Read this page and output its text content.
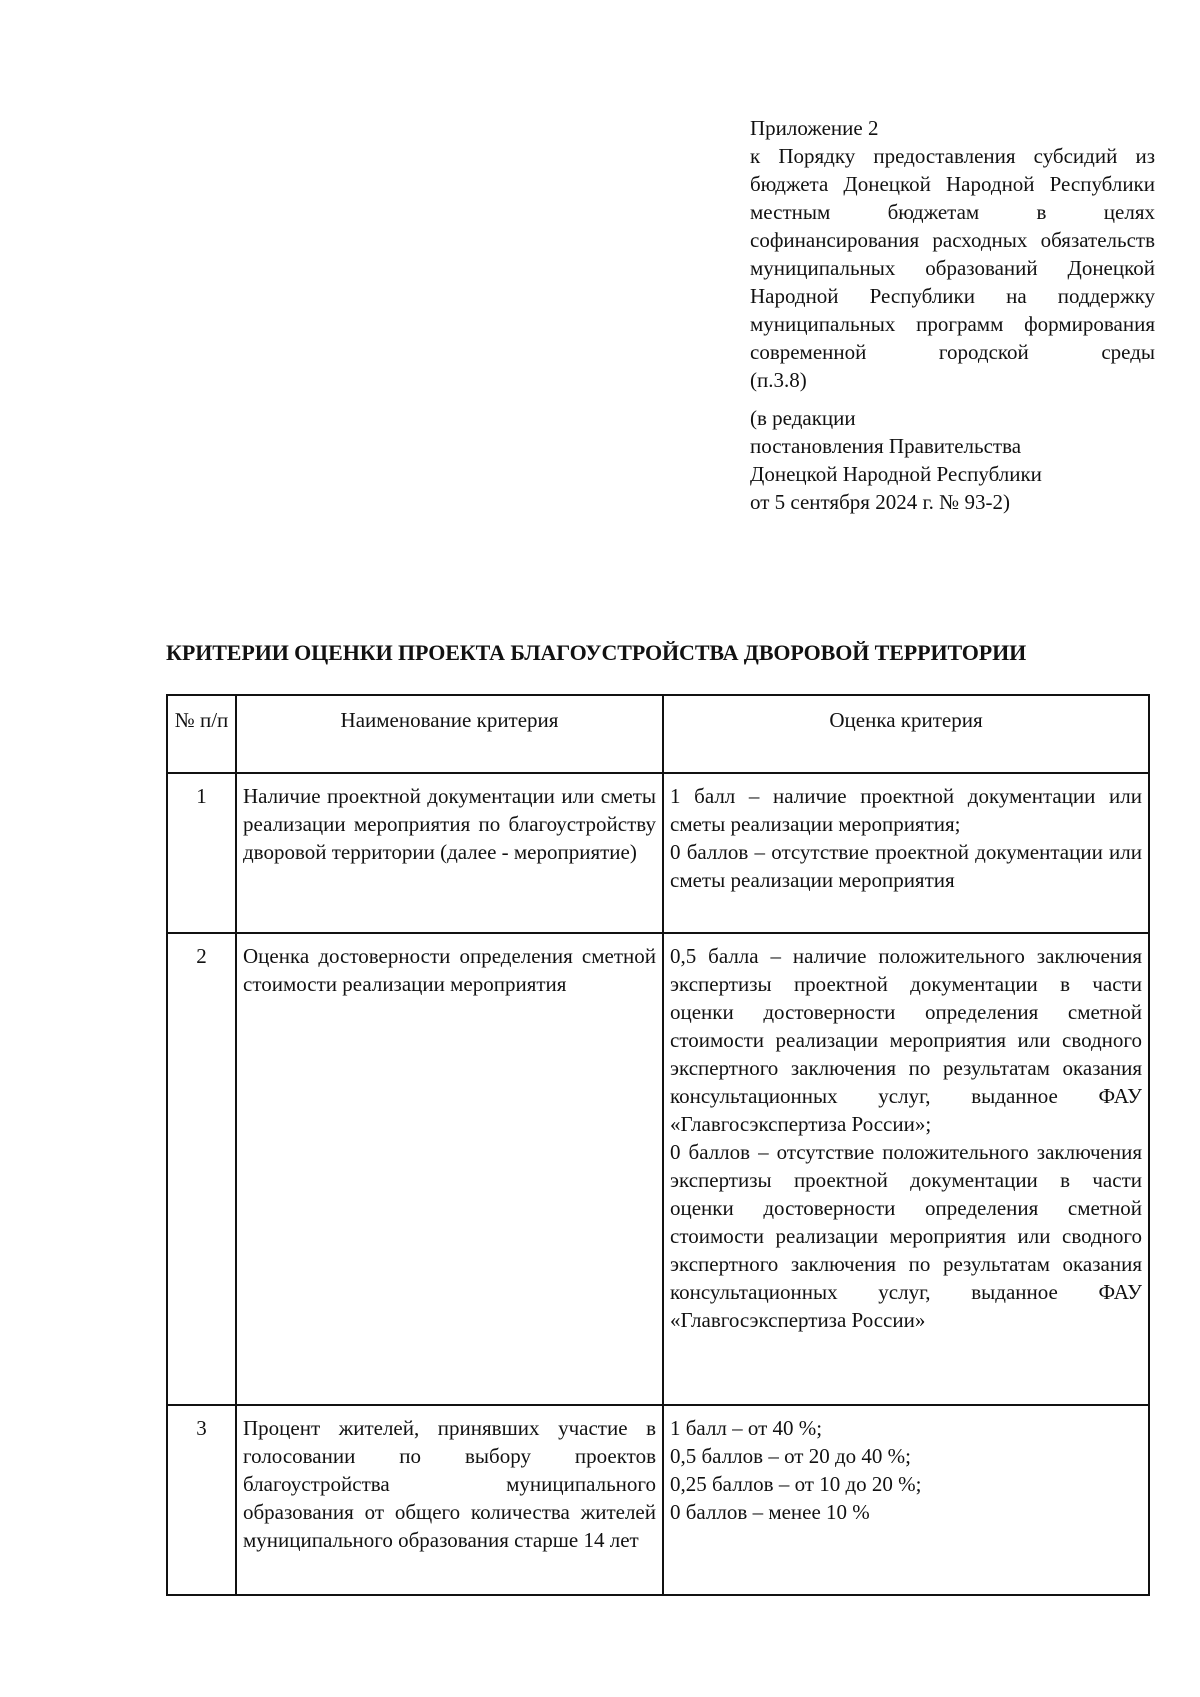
Приложение 2
к Порядку предоставления субсидий из бюджета Донецкой Народной Республики местным бюджетам в целях софинансирования расходных обязательств муниципальных образований Донецкой Народной Республики на поддержку муниципальных программ формирования современной городской среды
(п.3.8)
(в редакции
постановления Правительства
Донецкой Народной Республики
от 5 сентября 2024 г. № 93-2)
КРИТЕРИИ ОЦЕНКИ ПРОЕКТА БЛАГОУСТРОЙСТВА ДВОРОВОЙ ТЕРРИТОРИИ
№ п/п	Наименование критерия	Оценка критерия
1	Наличие проектной документации или сметы реализации мероприятия по благоустройству дворовой территории (далее - мероприятие)	1 балл – наличие проектной документации или сметы реализации мероприятия;
0 баллов – отсутствие проектной документации или сметы реализации мероприятия

2	Оценка достоверности определения сметной стоимости реализации мероприятия	0,5 балла – наличие положительного заключения экспертизы проектной документации в части оценки достоверности определения сметной стоимости реализации мероприятия или сводного экспертного заключения по результатам оказания консультационных услуг, выданное ФАУ «Главгосэкспертиза России»;
0 баллов – отсутствие положительного заключения экспертизы проектной документации в части оценки достоверности определения сметной стоимости реализации мероприятия или сводного экспертного заключения по результатам оказания консультационных услуг, выданное ФАУ «Главгосэкспертиза России»

3	Процент жителей, принявших участие в голосовании по выбору проектов благоустройства муниципального образования от общего количества жителей муниципального образования старше 14 лет	1 балл – от 40 %;
0,5 баллов – от 20 до 40 %;
0,25 баллов – от 10 до 20 %;
0 баллов – менее 10 %
